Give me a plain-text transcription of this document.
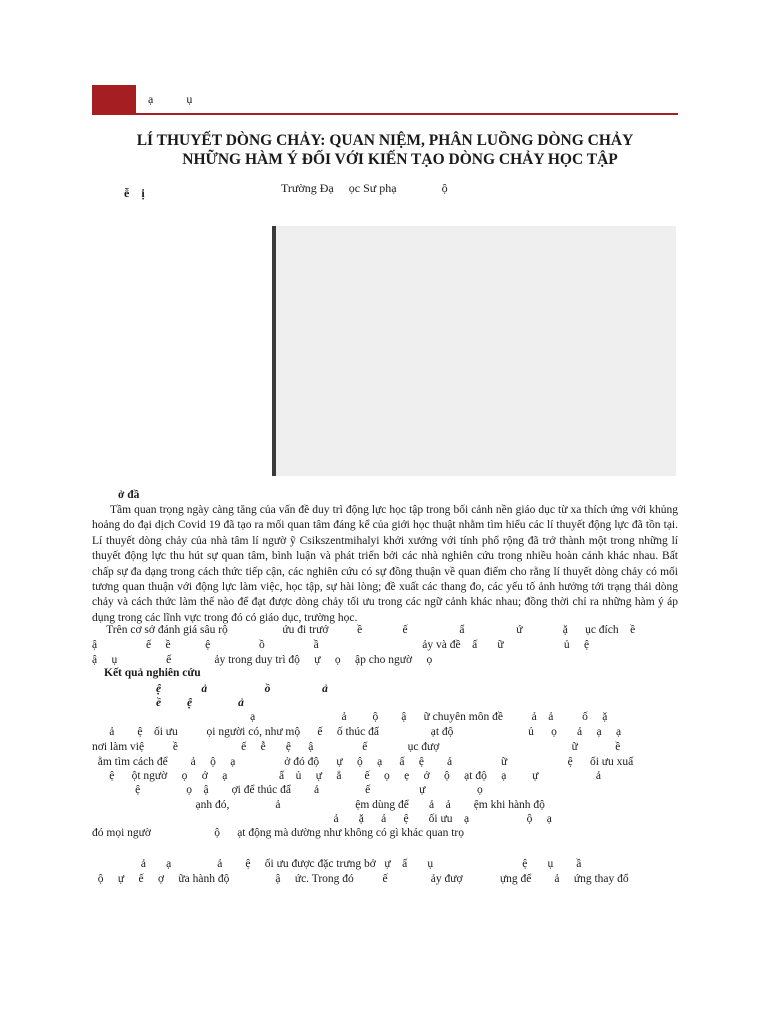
ạ           ụ
LÍ THUYẾT DÒNG CHẢY: QUAN NIỆM, PHÂN LUỒNG DÒNG CHẢY
NHỮNG HÀM Ý ĐỐI VỚI KIẾN TẠO DÒNG CHẢY HỌC TẬP
ễ    ị	Trường Đạ     ọc Sư phạ               ộ
ở đầ

Tầm quan trọng ngày càng tăng của vấn đề duy trì động lực học tập trong bối cảnh nền giáo dục từ xa thích ứng với khủng hoảng do đại dịch Covid 19 đã tạo ra mối quan tâm đáng kể của giới học thuật nhằm tìm hiểu các lí thuyết động lực đã tồn tại. Lí thuyết dòng chảy của nhà tâm lí ngườ ỹ Csikszentmihalyi khởi xướng với tính phổ rộng đã trở thành một trong những lí thuyết động lực thu hút sự quan tâm, bình luận và phát triển bởi các nhà nghiên cứu trong nhiều hoàn cảnh khác nhau. Bất chấp sự đa dạng trong cách thức tiếp cận, các nghiên cứu có sự đồng thuận về quan điểm cho rằng lí thuyết dòng chảy có mối tương quan thuận với động lực làm việc, học tập, sự hài lòng; đề xuất các thang đo, các yếu tố ảnh hưởng tới trạng thái dòng chảy và cách thức làm thế nào để đạt được dòng chảy tối ưu trong các ngữ cảnh khác nhau; đồng thời chỉ ra những hàm ý áp dụng trong các lĩnh vực trong đó có giáo dục, trường học.

Trên cơ sở đánh giá sâu rộ                   ứu đi trướ          ề              ế                  ẩ                  ứ              ặ      ục đích    ề
ậ                 ế     ề            ệ                 ồ                 ầ                                    ảy và đề    ấ       ữ                     ủ     ệ
ậ     ụ                 ế               ảy trong duy trì độ     ự     ọ     ập cho ngườ     ọ
Kết quả nghiên cứu
ệ              ả                    ồ                  ả
ề         ệ                ả
ạ                              ả         ộ        ậ      ữ chuyên môn đề          ả    ả          ố     ặ
ả        ệ    ối ưu          ọi người có, như mộ      ế     ố thúc đẩ                  ạt độ                          ủ      ọ       ả     ạ     ạ
nơi làm việ          ề                      ế     ễ       ệ      ậ                 ế              ục đượ                                              ữ             ề
ằm tìm cách để        ả     ộ     ạ                 ở đó độ      ự     ộ     ạ      ấ     ệ        ả                 ữ                     ệ      ối ưu xuấ
ệ      ột ngườ     ọ     ở     ạ                  ẩ    ủ     ự     ẳ        ế     ọ     ẹ     ở     ộ     ạt độ     ạ         ự                    ả
ệ                ọ    ậ        ợi để thúc đẩ        ả                ế                 ự                  ọ
ạnh đó,                ả                          ệm dùng để       ả    ả        ệm khi hành độ
ả       ặ      ả      ệ       ối ưu    ạ                    ộ     ạ
đó mọi ngườ                      ộ      ạt động mà dường như không có gì khác quan trọ
ả       ạ                ả        ệ     ối ưu được đặc trưng bở   ự    ấ       ụ                               ệ       ụ        ầ
ộ     ự     ế     ợ     ữa hành độ                ậ     ức. Trong đó          ế               ảy đượ             ựng để        ả     ứng thay đổ
